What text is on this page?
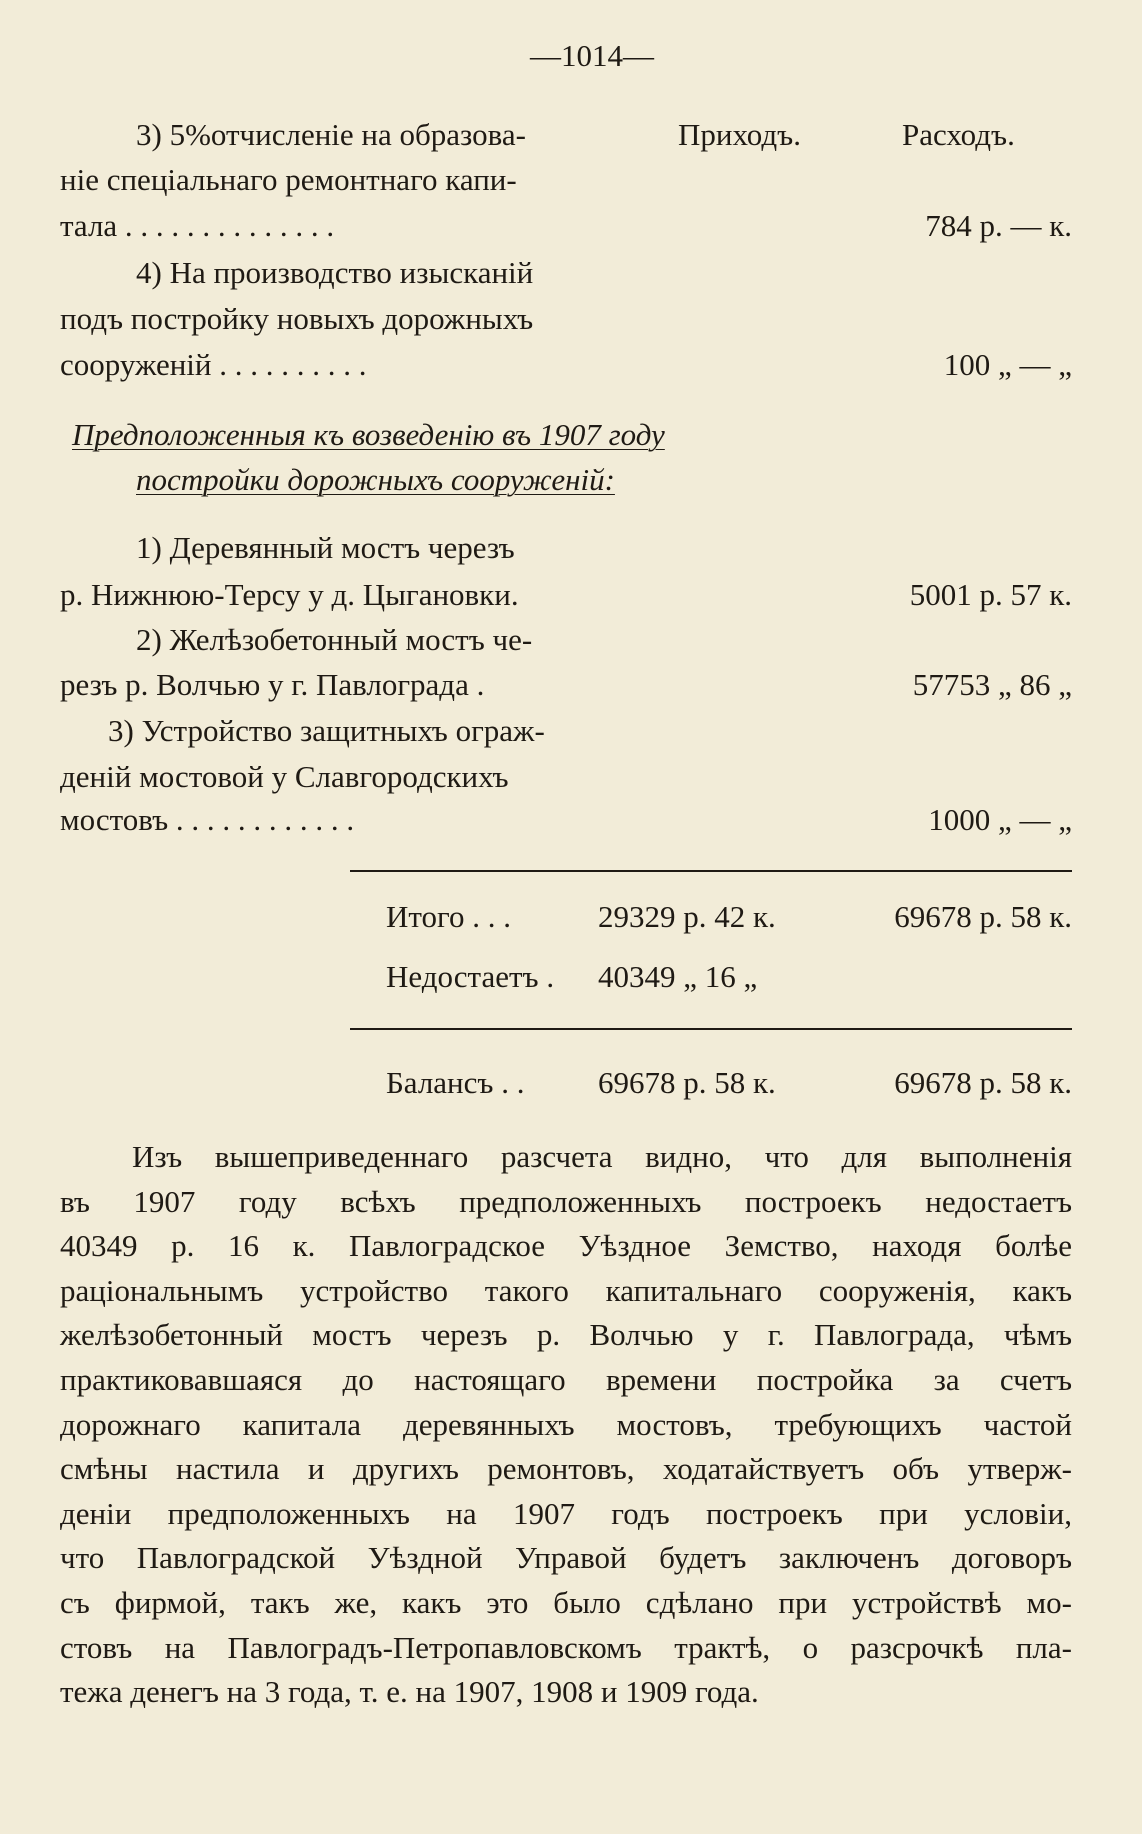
—1014—
3) 5%отчисленіе на образова-	Приходъ.	Расходъ.
ніе спеціальнаго ремонтнаго капи-
тала . . . . . . . . . . . . . .	784 р. — к.
4) На производство изысканій
подъ постройку новыхъ дорожныхъ
сооруженій . . . . . . . . . .	100 „ — „
Предположенныя къ возведенію въ 1907 году
постройки дорожныхъ сооруженій:
1) Деревянный мостъ черезъ
р. Нижнюю-Терсу у д. Цыгановки.	5001 р. 57 к.
2) Желѣзобетонный мостъ че-
резъ р. Волчью у г. Павлограда .	57753 „ 86 „
3) Устройство защитныхъ ограж-
деній мостовой у Славгородскихъ
мостовъ . . . . . . . . . . . .	1000 „ — „
Итого . . .	29329 р. 42 к.	69678 р. 58 к.
Недостаетъ . 40349 „ 16 „
Балансъ . . 69678 р. 58 к.	69678 р. 58 к.
Изъ вышеприведеннаго разсчета видно, что для выполненія
въ 1907 году всѣхъ предположенныхъ построекъ недостаетъ
40349 р. 16 к. Павлоградское Уѣздное Земство, находя болѣе
раціональнымъ устройство такого капитальнаго сооруженія, какъ
желѣзобетонный мостъ черезъ р. Волчью у г. Павлограда, чѣмъ
практиковавшаяся до настоящаго времени постройка за счетъ
дорожнаго капитала деревянныхъ мостовъ, требующихъ частой
смѣны настила и другихъ ремонтовъ, ходатайствуетъ объ утверж-
деніи предположенныхъ на 1907 годъ построекъ при условіи,
что Павлоградской Уѣздной Управой будетъ заключенъ договоръ
съ фирмой, такъ же, какъ это было сдѣлано при устройствѣ мо-
стовъ на Павлоградъ-Петропавловскомъ трактѣ, о разсрочкѣ пла-
тежа денегъ на 3 года, т. е. на 1907, 1908 и 1909 года.
